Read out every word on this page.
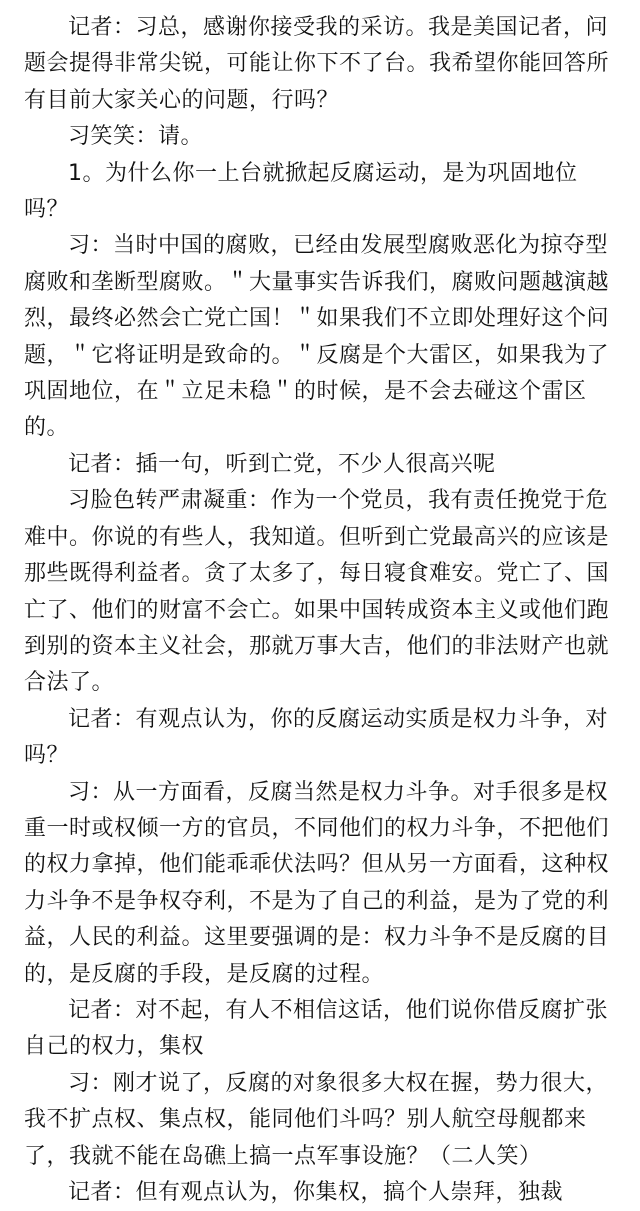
记者：习总，感谢你接受我的采访。我是美国记者，问题会提得非常尖锐，可能让你下不了台。我希望你能回答所有目前大家关心的问题，行吗？

习笑笑：请。

1。为什么你一上台就掀起反腐运动，是为巩固地位吗？

习：当时中国的腐败，已经由发展型腐败恶化为掠夺型腐败和垄断型腐败。＂大量事实告诉我们，腐败问题越演越烈，最终必然会亡党亡国！＂如果我们不立即处理好这个问题，＂它将证明是致命的。＂反腐是个大雷区，如果我为了巩固地位，在＂立足未稳＂的时候，是不会去碰这个雷区的。

记者：插一句，听到亡党，不少人很高兴呢

习脸色转严肃凝重：作为一个党员，我有责任挽党于危难中。你说的有些人，我知道。但听到亡党最高兴的应该是那些既得利益者。贪了太多了，每日寝食难安。党亡了、国亡了、他们的财富不会亡。如果中国转成资本主义或他们跑到别的资本主义社会，那就万事大吉，他们的非法财产也就合法了。

记者：有观点认为，你的反腐运动实质是权力斗争，对吗？

习：从一方面看，反腐当然是权力斗争。对手很多是权重一时或权倾一方的官员，不同他们的权力斗争，不把他们的权力拿掉，他们能乖乖伏法吗？但从另一方面看，这种权力斗争不是争权夺利，不是为了自己的利益，是为了党的利益，人民的利益。这里要强调的是：权力斗争不是反腐的目的，是反腐的手段，是反腐的过程。

记者：对不起，有人不相信这话，他们说你借反腐扩张自己的权力，集权

习：刚才说了，反腐的对象很多大权在握，势力很大，我不扩点权、集点权，能同他们斗吗？别人航空母舰都来了，我就不能在岛礁上搞一点军事设施？（二人笑）

记者：但有观点认为，你集权，搞个人崇拜，独裁
